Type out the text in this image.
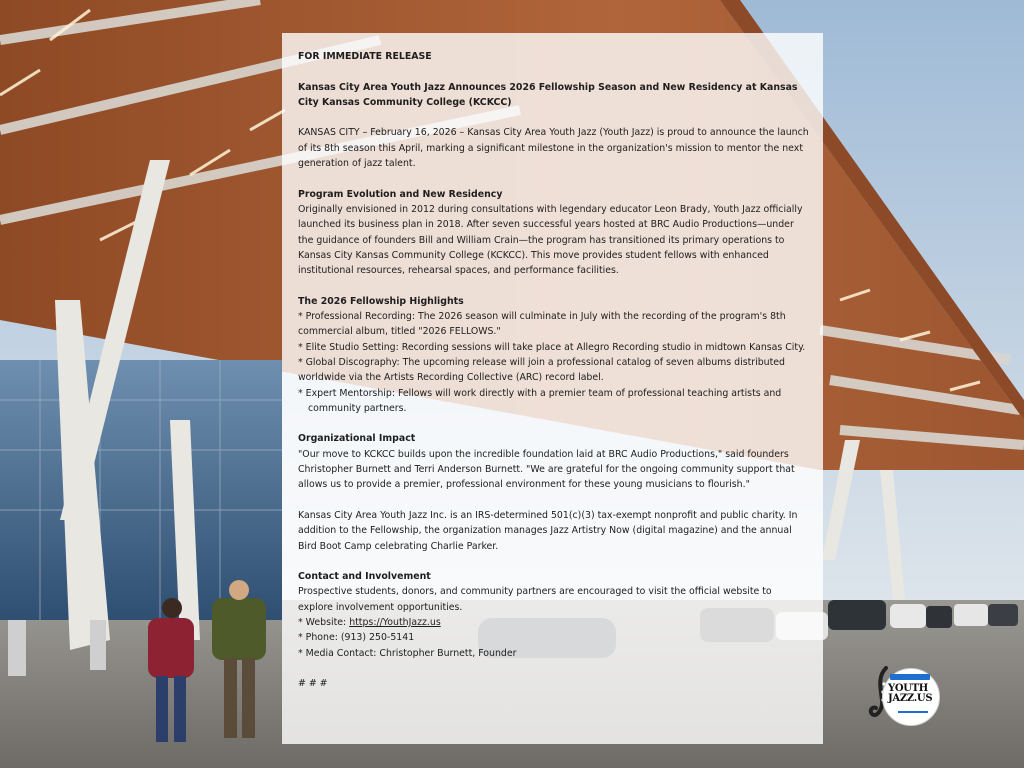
FOR IMMEDIATE RELEASE

Kansas City Area Youth Jazz Announces 2026 Fellowship Season and New Residency at Kansas City Kansas Community College (KCKCC)

KANSAS CITY – February 16, 2026 – Kansas City Area Youth Jazz (Youth Jazz) is proud to announce the launch of its 8th season this April, marking a significant milestone in the organization's mission to mentor the next generation of jazz talent.

Program Evolution and New Residency

Originally envisioned in 2012 during consultations with legendary educator Leon Brady, Youth Jazz officially launched its business plan in 2018. After seven successful years hosted at BRC Audio Productions—under the guidance of founders Bill and William Crain—the program has transitioned its primary operations to Kansas City Kansas Community College (KCKCC). This move provides student fellows with enhanced institutional resources, rehearsal spaces, and performance facilities.

The 2026 Fellowship Highlights

* Professional Recording: The 2026 season will culminate in July with the recording of the program's 8th commercial album, titled "2026 FELLOWS."

* Elite Studio Setting: Recording sessions will take place at Allegro Recording studio in midtown Kansas City.

* Global Discography: The upcoming release will join a professional catalog of seven albums distributed worldwide via the Artists Recording Collective (ARC) record label.

* Expert Mentorship: Fellows will work directly with a premier team of professional teaching artists and community partners.

Organizational Impact

"Our move to KCKCC builds upon the incredible foundation laid at BRC Audio Productions," said founders Christopher Burnett and Terri Anderson Burnett. "We are grateful for the ongoing community support that allows us to provide a premier, professional environment for these young musicians to flourish."

Kansas City Area Youth Jazz Inc. is an IRS-determined 501(c)(3) tax-exempt nonprofit and public charity. In addition to the Fellowship, the organization manages Jazz Artistry Now (digital magazine) and the annual Bird Boot Camp celebrating Charlie Parker.

Contact and Involvement

Prospective students, donors, and community partners are encouraged to visit the official website to explore involvement opportunities.

* Website: https://YouthJazz.us

* Phone: (913) 250-5141

* Media Contact: Christopher Burnett, Founder

# # #	YOUTH
JAZZ.US
